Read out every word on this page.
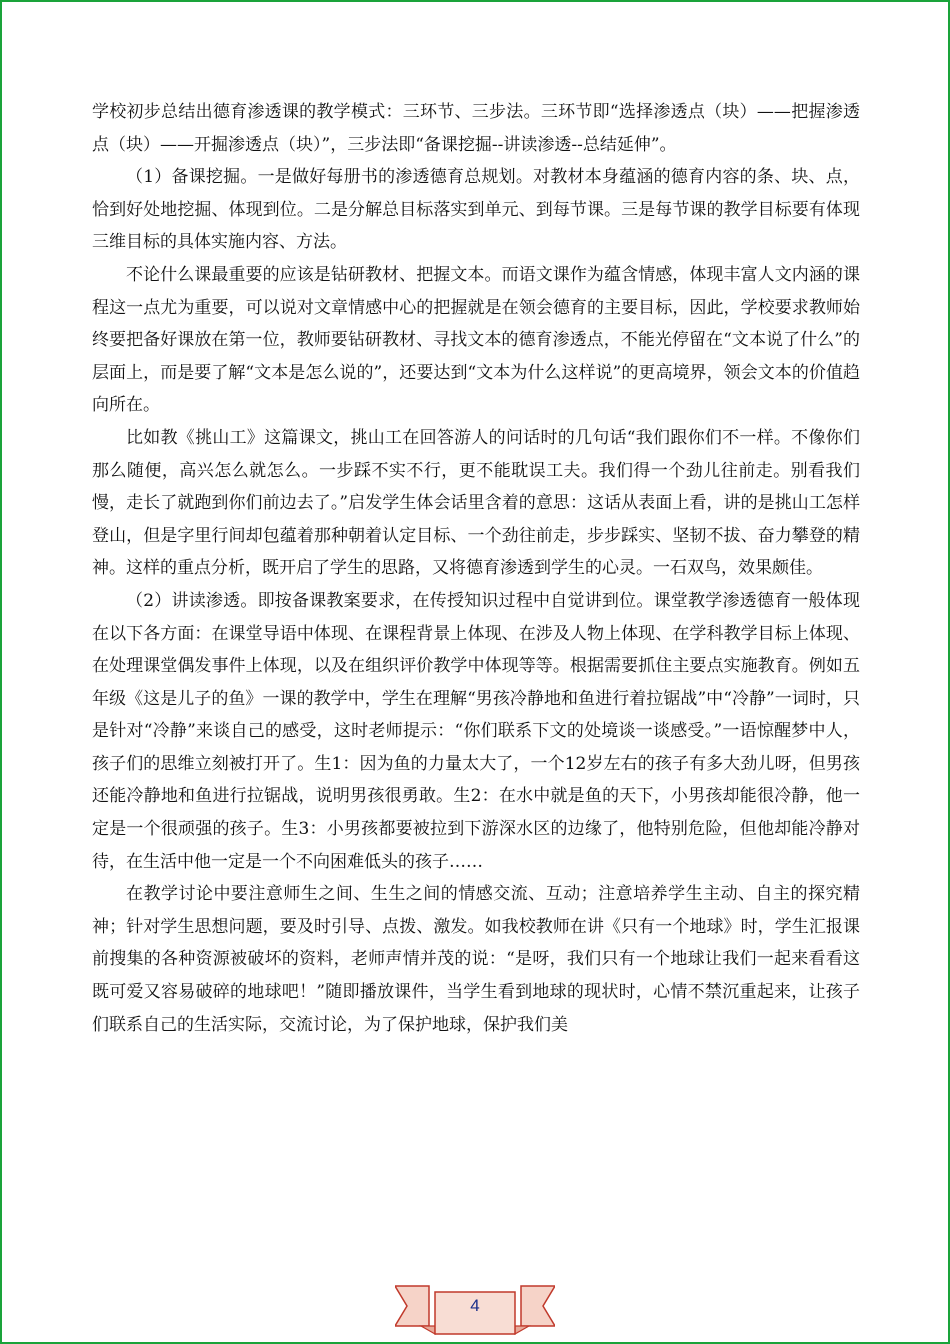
学校初步总结出德育渗透课的教学模式：三环节、三步法。三环节即“选择渗透点（块）——把握渗透点（块）——开掘渗透点（块）”，三步法即“备课挖掘--讲读渗透--总结延伸”。

（1）备课挖掘。一是做好每册书的渗透德育总规划。对教材本身蕴涵的德育内容的条、块、点，恰到好处地挖掘、体现到位。二是分解总目标落实到单元、到每节课。三是每节课的教学目标要有体现三维目标的具体实施内容、方法。

不论什么课最重要的应该是钻研教材、把握文本。而语文课作为蕴含情感，体现丰富人文内涵的课程这一点尤为重要，可以说对文章情感中心的把握就是在领会德育的主要目标，因此，学校要求教师始终要把备好课放在第一位，教师要钻研教材、寻找文本的德育渗透点，不能光停留在“文本说了什么”的层面上，而是要了解“文本是怎么说的”，还要达到“文本为什么这样说”的更高境界，领会文本的价值趋向所在。

比如教《挑山工》这篇课文，挑山工在回答游人的问话时的几句话“我们跟你们不一样。不像你们那么随便，高兴怎么就怎么。一步踩不实不行，更不能耽误工夫。我们得一个劲儿往前走。别看我们慢，走长了就跑到你们前边去了。”启发学生体会话里含着的意思：这话从表面上看，讲的是挑山工怎样登山，但是字里行间却包蕴着那种朝着认定目标、一个劲往前走，步步踩实、坚韧不拔、奋力攀登的精神。这样的重点分析，既开启了学生的思路，又将德育渗透到学生的心灵。一石双鸟，效果颇佳。

（2）讲读渗透。即按备课教案要求，在传授知识过程中自觉讲到位。课堂教学渗透德育一般体现在以下各方面：在课堂导语中体现、在课程背景上体现、在涉及人物上体现、在学科教学目标上体现、在处理课堂偶发事件上体现，以及在组织评价教学中体现等等。根据需要抓住主要点实施教育。例如五年级《这是儿子的鱼》一课的教学中，学生在理解“男孩冷静地和鱼进行着拉锯战”中“冷静”一词时，只是针对“冷静”来谈自己的感受，这时老师提示：“你们联系下文的处境谈一谈感受。”一语惊醒梦中人，孩子们的思维立刻被打开了。生1：因为鱼的力量太大了，一个12岁左右的孩子有多大劲儿呀，但男孩还能冷静地和鱼进行拉锯战，说明男孩很勇敢。生2：在水中就是鱼的天下，小男孩却能很冷静，他一定是一个很顽强的孩子。生3：小男孩都要被拉到下游深水区的边缘了，他特别危险，但他却能冷静对待，在生活中他一定是一个不向困难低头的孩子……

在教学讨论中要注意师生之间、生生之间的情感交流、互动；注意培养学生主动、自主的探究精神；针对学生思想问题，要及时引导、点拨、激发。如我校教师在讲《只有一个地球》时，学生汇报课前搜集的各种资源被破坏的资料，老师声情并茂的说：“是呀，我们只有一个地球让我们一起来看看这既可爱又容易破碎的地球吧！”随即播放课件，当学生看到地球的现状时，心情不禁沉重起来，让孩子们联系自己的生活实际，交流讨论，为了保护地球，保护我们美

4
